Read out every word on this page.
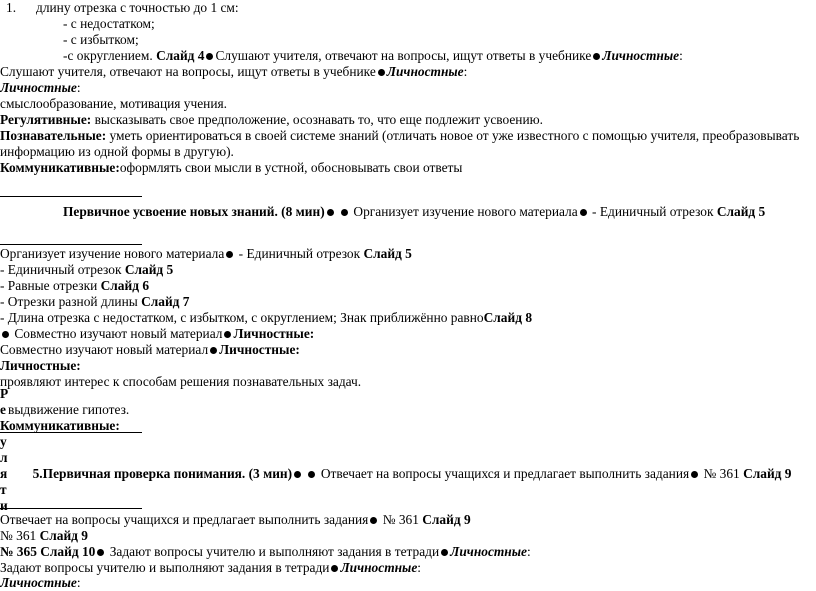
1. длину отрезка с точностью до 1 см:
- с недостатком;
- с избытком;
-с округлением. Слайд 4 Слушают учителя, отвечают на вопросы, ищут ответы в учебнике Личностные:
Слушают учителя, отвечают на вопросы, ищут ответы в учебнике Личностные:
Личностные:
смыслообразование, мотивация учения.
Регулятивные: высказывать свое предположение, осознавать то, что еще подлежит усвоению.
Познавательные: уметь ориентироваться в своей системе знаний (отличать новое от уже известного с помощью учителя, преобразовывать
информацию из одной формы в другую).
Коммуникативные:оформлять свои мысли в устной, обосновывать свои ответы
Первичное усвоение новых знаний. (8 мин)  Организует изучение нового материала - Единичный отрезок Слайд 5
Организует изучение нового материала - Единичный отрезок Слайд 5
- Единичный отрезок Слайд 5
- Равные отрезки Слайд 6
- Отрезки разной длины Слайд 7
- Длина отрезка с недостатком, с избытком, с округлением; Знак приближённо равноСлайд 8
Совместно изучают новый материал Личностные:
Совместно изучают новый материал Личностные:
Личностные:
проявляют интерес к способам решения познавательных задач.
Р
е выдвижение гипотез.
Коммуникативные:
у
л
я 5.Первичная проверка понимания. (3 мин)  Отвечает на вопросы учащихся и предлагает выполнить задания № 361 Слайд 9
т
и
Отвечает на вопросы учащихся и предлагает выполнить задания № 361 Слайд 9
№ 361 Слайд 9
№ 365 Слайд 10 Задают вопросы учителю и выполняют задания в тетради Личностные:
Задают вопросы учителю и выполняют задания в тетради Личностные:
Личностные:
